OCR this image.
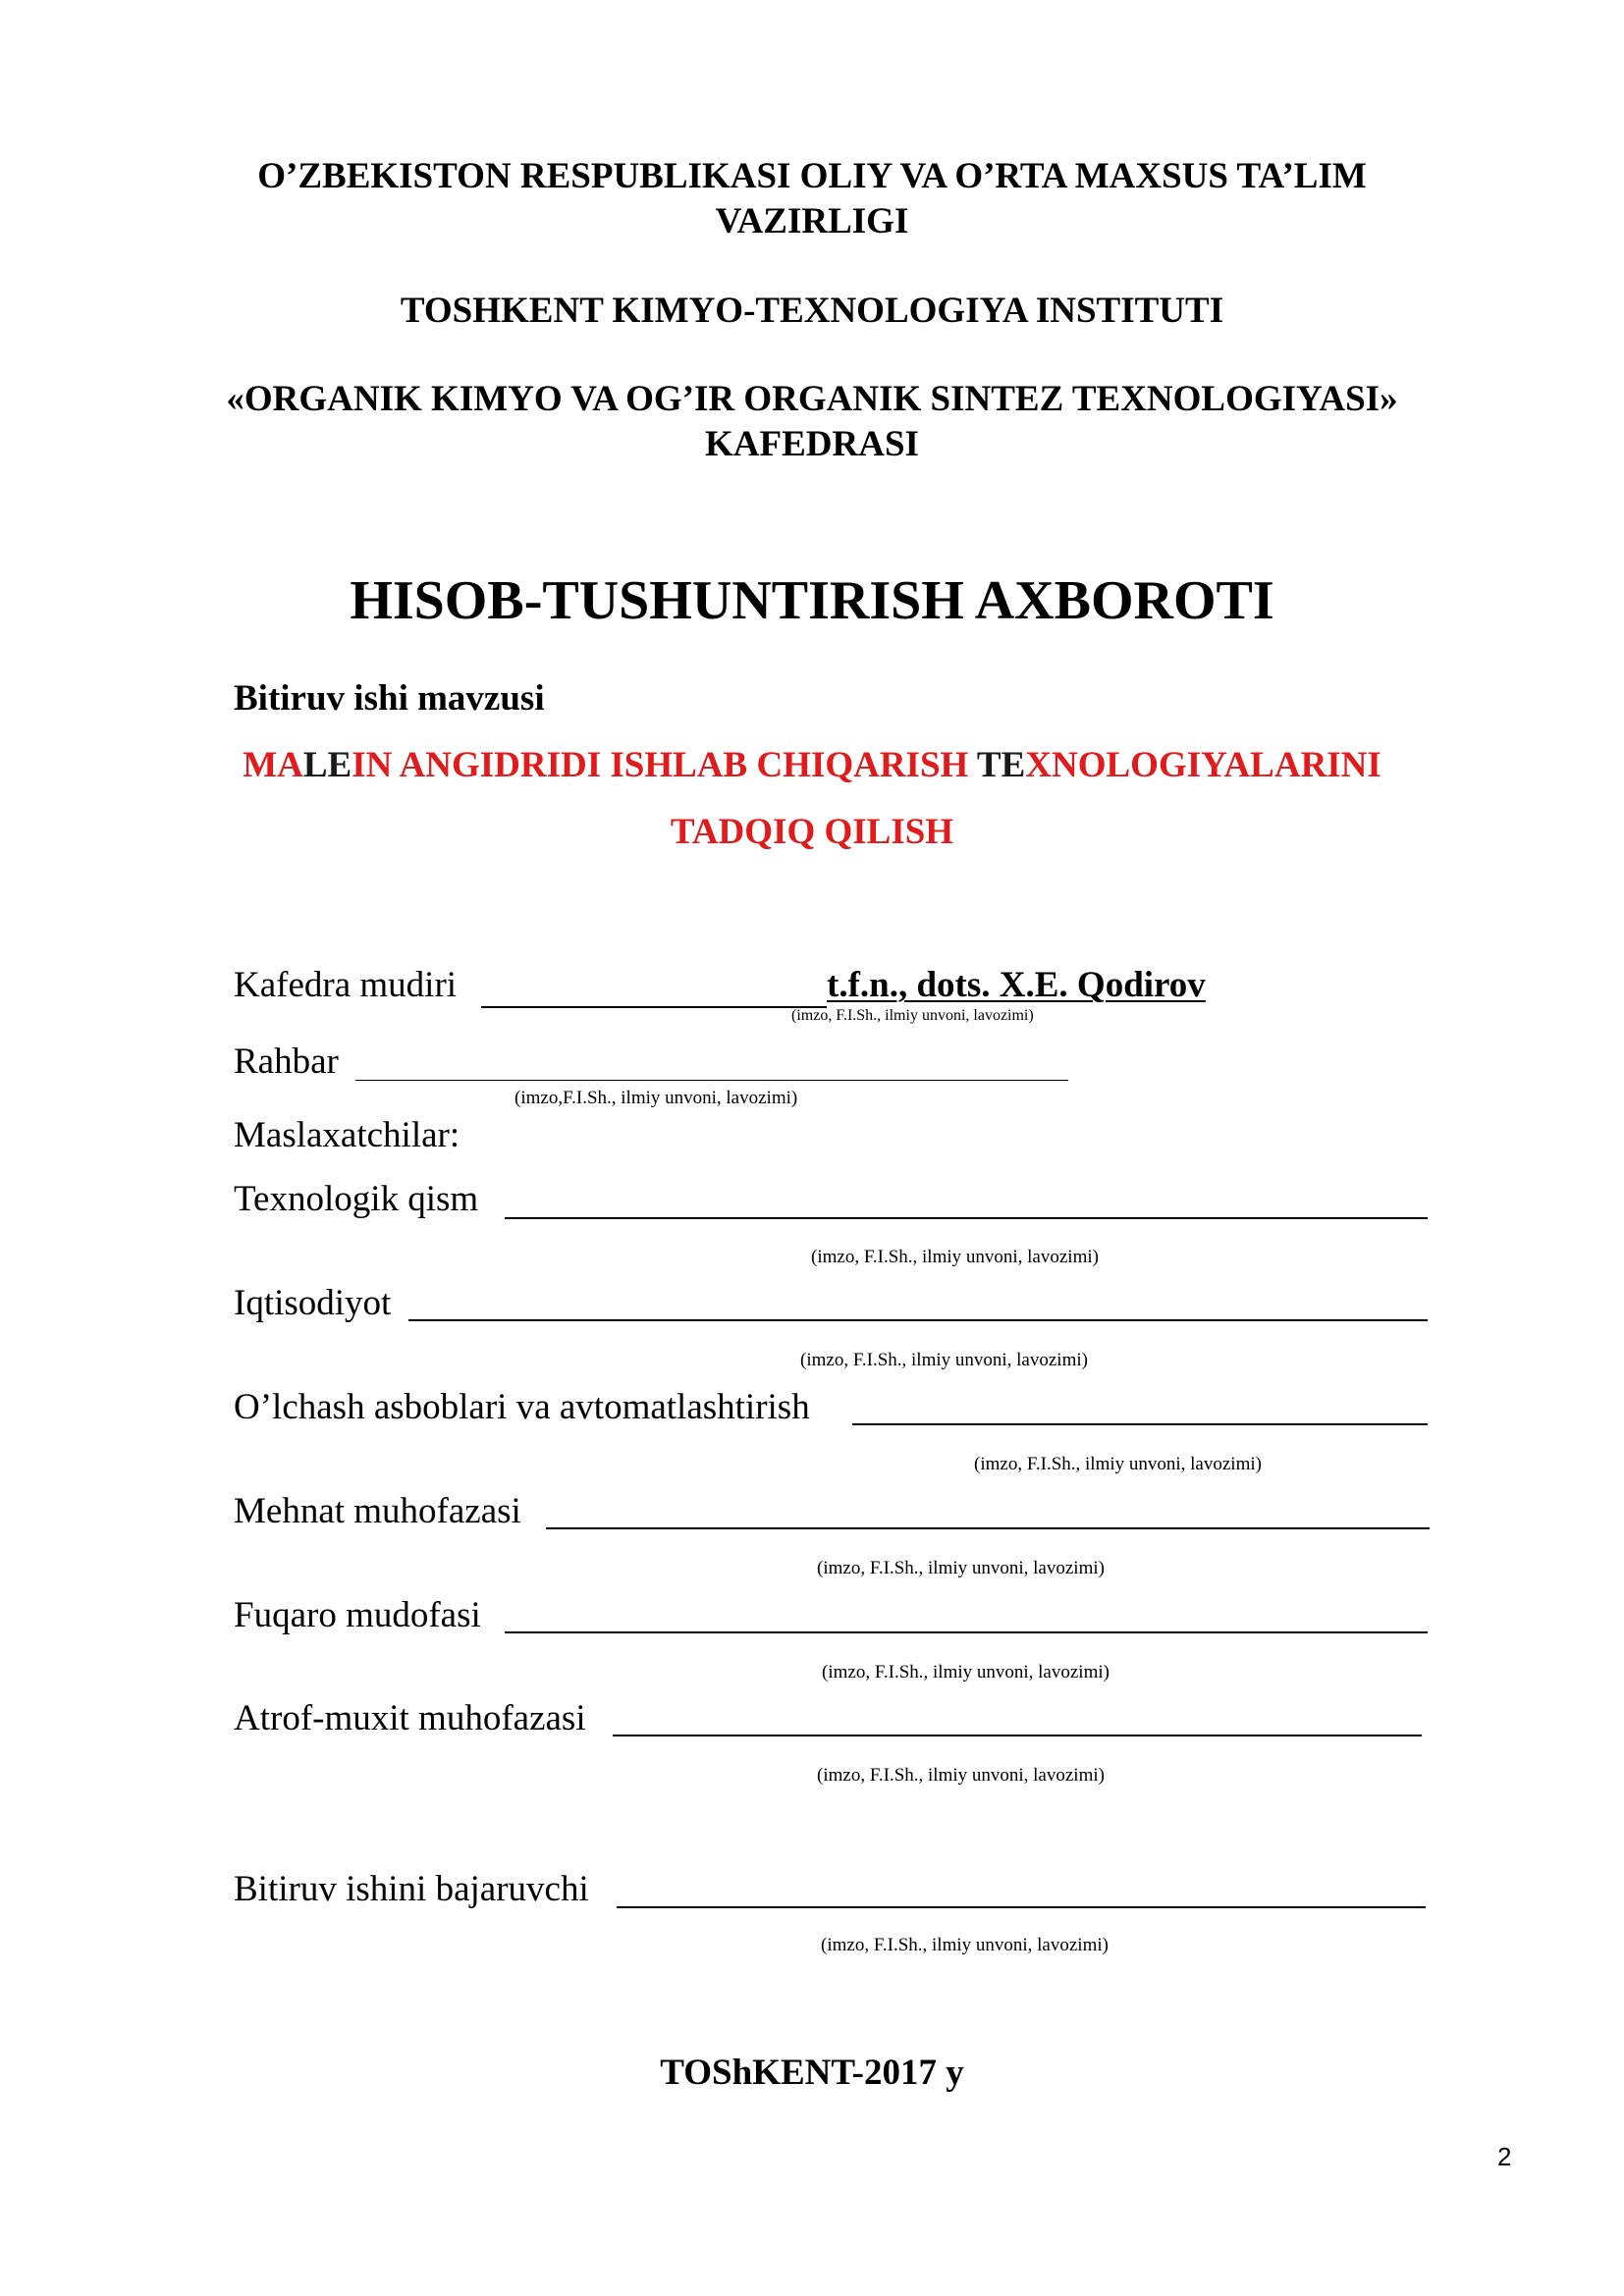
O’ZBEKISTON RESPUBLIKASI OLIY VA O’RTA MAXSUS TA’LIM
VAZIRLIGI
TOSHKENT KIMYO-TEXNOLOGIYA INSTITUTI
«ORGANIK KIMYO VA OG’IR ORGANIK SINTEZ TEXNOLOGIYASI»
KAFEDRASI
HISOB-TUSHUNTIRISH AXBOROTI
Bitiruv ishi mavzusi
MALEIN ANGIDRIDI ISHLAB CHIQARISH TEXNOLOGIYALARINI
TADQIQ QILISH
Kafedra mudiri	t.f.n., dots. X.E. Qodirov
(imzo, F.I.Sh., ilmiy unvoni, lavozimi)
Rahbar
(imzo,F.I.Sh., ilmiy unvoni, lavozimi)
Maslaxatchilar:
Texnologik qism
(imzo, F.I.Sh., ilmiy unvoni, lavozimi)
Iqtisodiyot
(imzo, F.I.Sh., ilmiy unvoni, lavozimi)
O’lchash asboblari va avtomatlashtirish
(imzo, F.I.Sh., ilmiy unvoni, lavozimi)
Mehnat muhofazasi
(imzo, F.I.Sh., ilmiy unvoni, lavozimi)
Fuqaro mudofasi
(imzo, F.I.Sh., ilmiy unvoni, lavozimi)
Atrof-muxit muhofazasi
(imzo, F.I.Sh., ilmiy unvoni, lavozimi)
Bitiruv ishini bajaruvchi
(imzo, F.I.Sh., ilmiy unvoni, lavozimi)
TOShKENT-2017 y
2
